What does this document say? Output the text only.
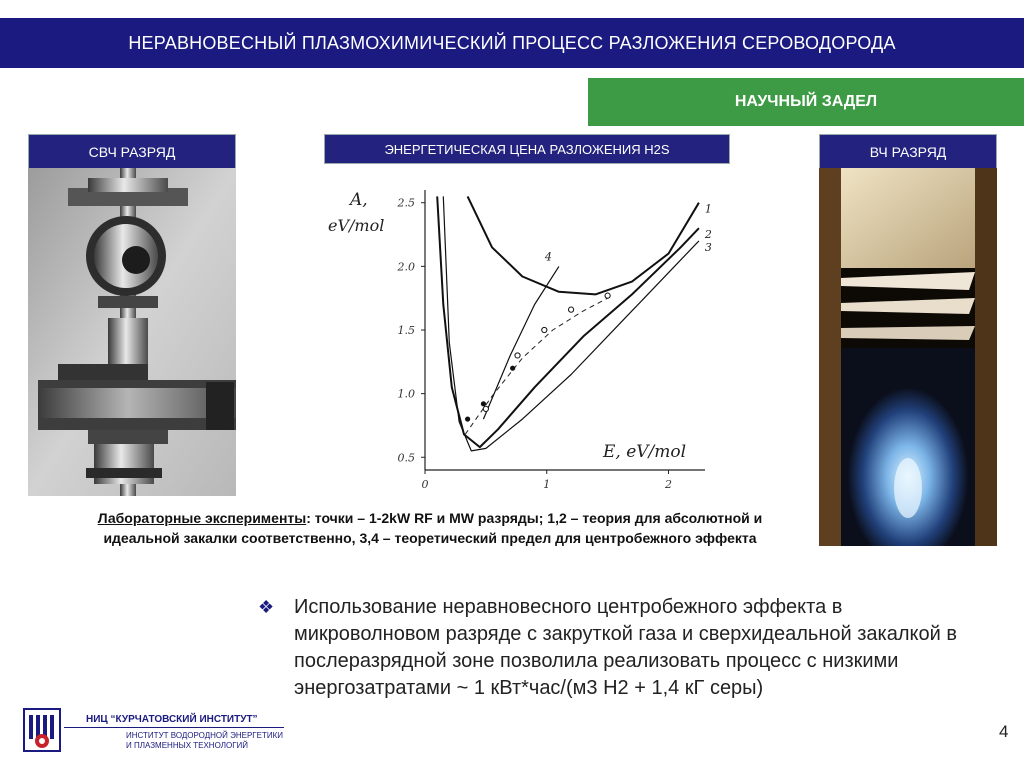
НЕРАВНОВЕСНЫЙ ПЛАЗМОХИМИЧЕСКИЙ ПРОЦЕСС РАЗЛОЖЕНИЯ СЕРОВОДОРОДА
НАУЧНЫЙ ЗАДЕЛ
СВЧ РАЗРЯД	ЭНЕРГЕТИЧЕСКАЯ ЦЕНА РАЗЛОЖЕНИЯ H2S	ВЧ РАЗРЯД
A,
eV/mol
E, eV/mol
0.5
1.0
1.5
2.0
2.5
0	1	2
1
2
3
4
Лабораторные эксперименты: точки – 1-2kW RF и MW разряды; 1,2 – теория для абсолютной и идеальной закалки соответственно, 3,4 – теоретический предел для центробежного эффекта
❖ Использование неравновесного центробежного эффекта в микроволновом разряде с закруткой газа и сверхидеальной закалкой в послеразрядной зоне позволила реализовать процесс с низкими энергозатратами ~ 1 кВт*час/(м3 Н2 + 1,4 кГ серы)
НИЦ “КУРЧАТОВСКИЙ ИНСТИТУТ”
ИНСТИТУТ ВОДОРОДНОЙ ЭНЕРГЕТИКИ
И ПЛАЗМЕННЫХ ТЕХНОЛОГИЙ
4
